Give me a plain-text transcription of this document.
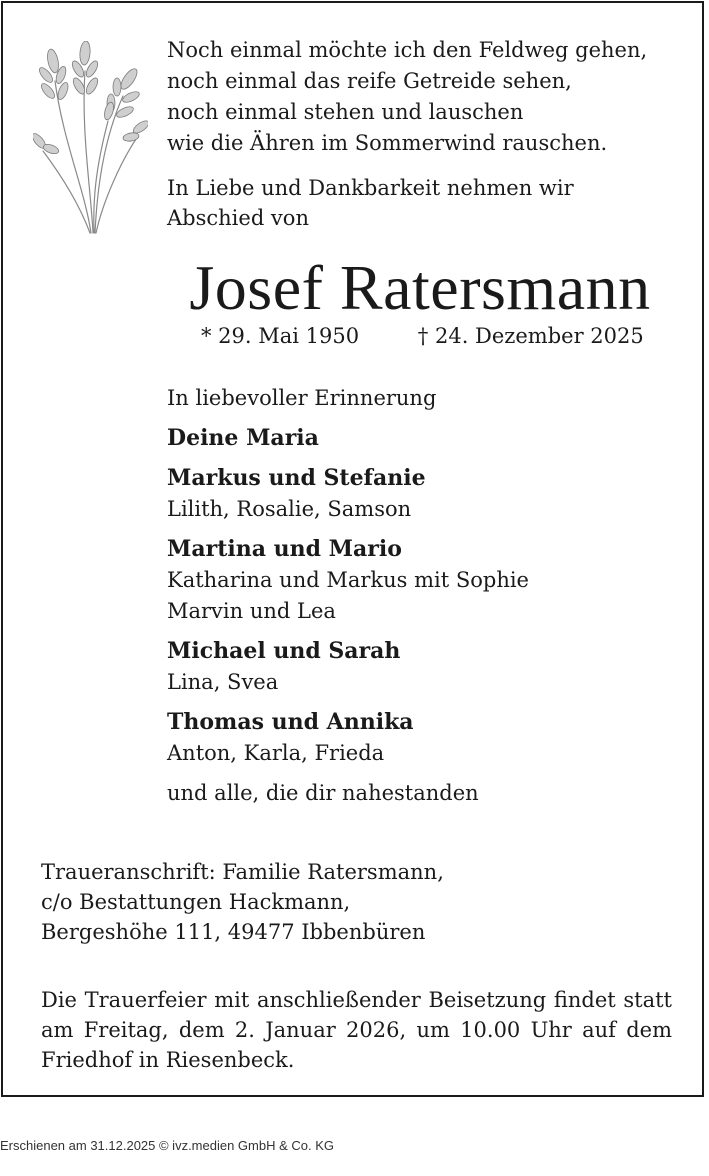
Noch einmal möchte ich den Feldweg gehen,
noch einmal das reife Getreide sehen,
noch einmal stehen und lauschen
wie die Ähren im Sommerwind rauschen.
In Liebe und Dankbarkeit nehmen wir
Abschied von
Josef Ratersmann
* 29. Mai 1950	† 24. Dezember 2025
In liebevoller Erinnerung
Deine Maria
Markus und Stefanie
Lilith, Rosalie, Samson
Martina und Mario
Katharina und Markus mit Sophie
Marvin und Lea
Michael und Sarah
Lina, Svea
Thomas und Annika
Anton, Karla, Frieda
und alle, die dir nahestanden
Traueranschrift: Familie Ratersmann,
c/o Bestattungen Hackmann,
Bergeshöhe 111, 49477 Ibbenbüren
Die Trauerfeier mit anschließender Beisetzung findet statt am Freitag, dem 2. Januar 2026, um 10.00 Uhr auf dem Friedhof in Riesenbeck.
Erschienen am 31.12.2025 © ivz.medien GmbH & Co. KG
